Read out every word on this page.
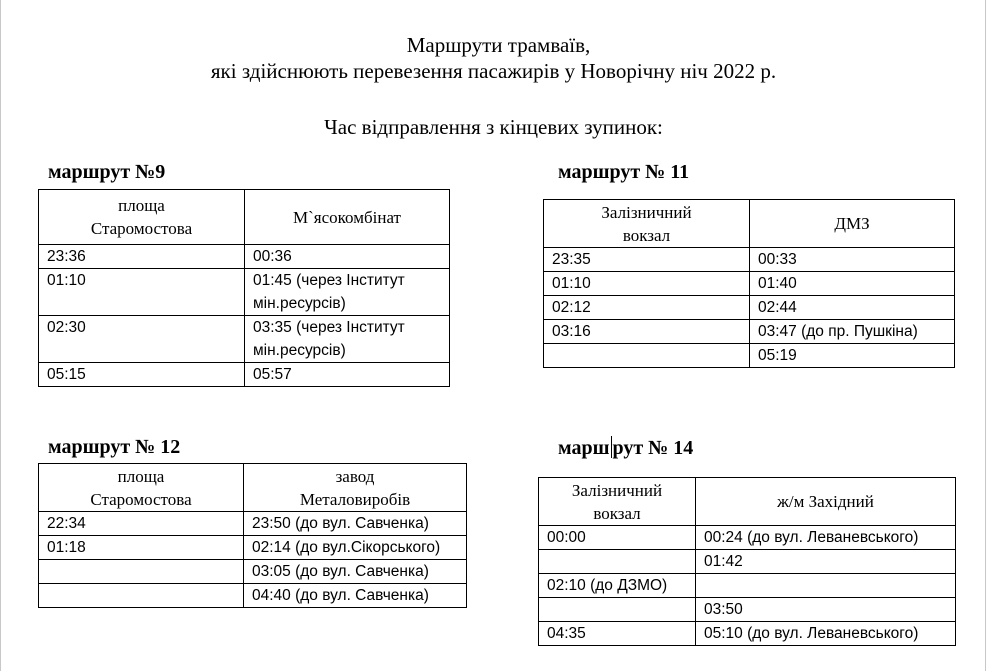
Маршрути трамваїв,
які здійснюють перевезення пасажирів у Новорічну ніч 2022 р.
Час відправлення з кінцевих зупинок:
маршрут №9
площа
Старомостова	М`ясокомбінат
23:36	00:36
01:10	01:45 (через Інститут
мін.ресурсів)
02:30	03:35 (через Інститут
мін.ресурсів)
05:15	05:57
маршрут № 11
Залізничний
вокзал	ДМЗ
23:35	00:33
01:10	01:40
02:12	02:44
03:16	03:47 (до пр. Пушкіна)
	05:19
маршрут № 12
площа
Старомостова	завод
Металовиробів
22:34	23:50 (до вул. Савченка)
01:18	02:14 (до вул.Сікорського)
	03:05 (до вул. Савченка)
	04:40 (до вул. Савченка)
марш рут № 14
Залізничний
вокзал	ж/м Західний
00:00	00:24 (до вул. Леваневського)
	01:42
02:10 (до ДЗМО)	
	03:50
04:35	05:10 (до вул. Леваневського)
